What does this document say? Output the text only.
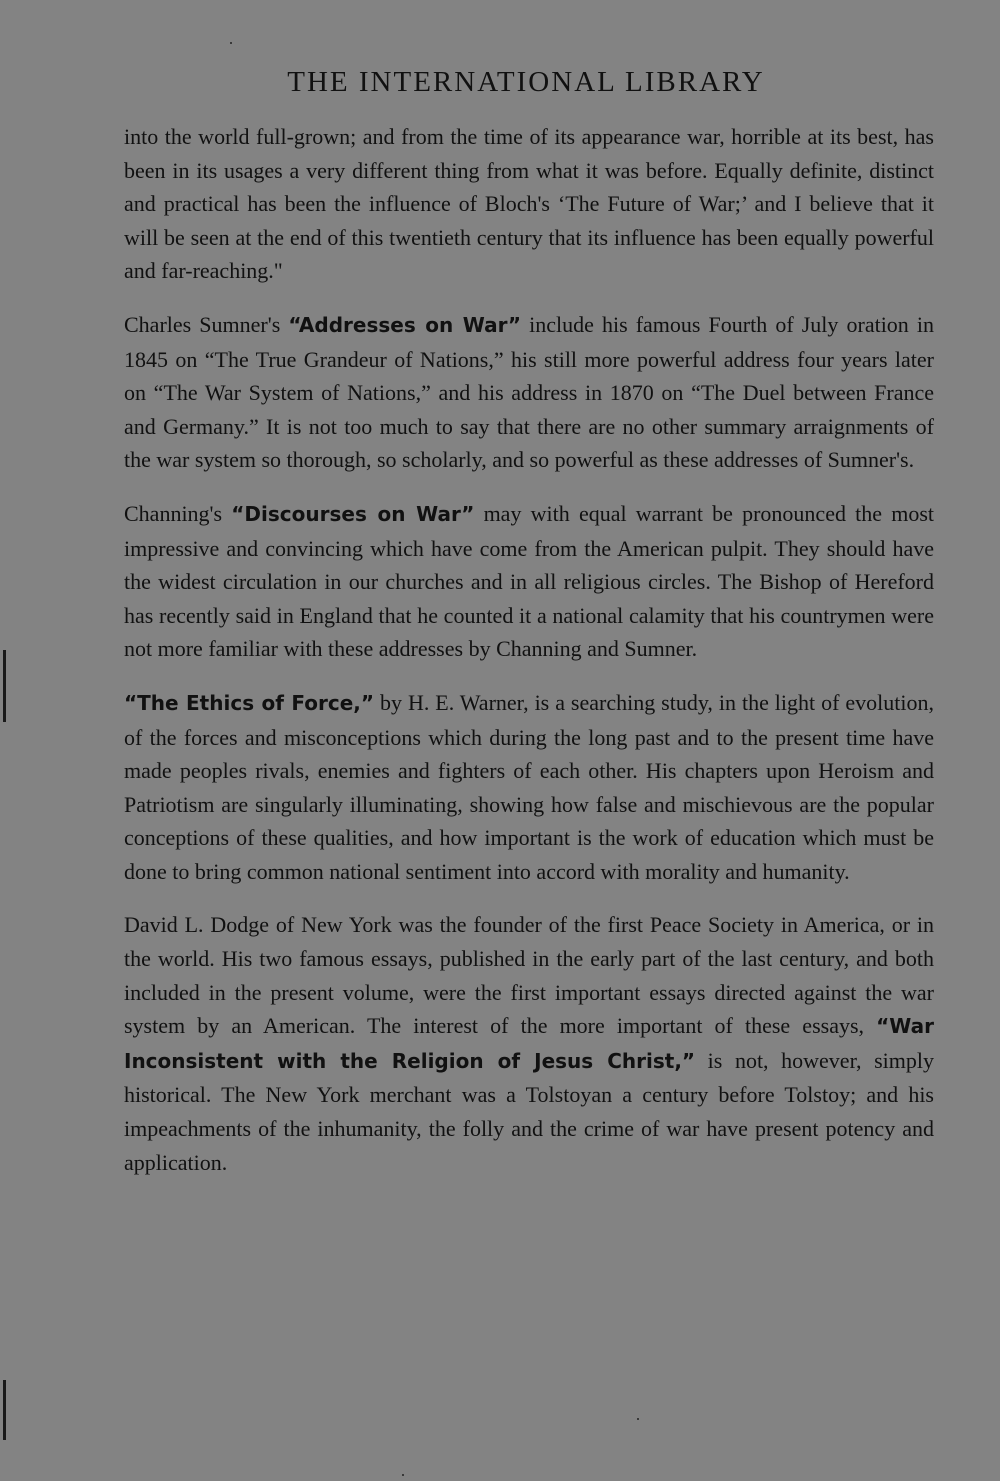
THE INTERNATIONAL LIBRARY

into the world full-grown; and from the time of its appearance war, horrible at its best, has been in its usages a very different thing from what it was before. Equally definite, distinct and practical has been the influence of Bloch's ‘The Future of War;’ and I believe that it will be seen at the end of this twentieth century that its influence has been equally powerful and far-reaching."

Charles Sumner's “Addresses on War” include his famous Fourth of July oration in 1845 on “The True Grandeur of Nations,” his still more powerful address four years later on “The War System of Nations,” and his address in 1870 on “The Duel between France and Germany.” It is not too much to say that there are no other summary arraignments of the war system so thorough, so scholarly, and so powerful as these addresses of Sumner's.

Channing's “Discourses on War” may with equal warrant be pronounced the most impressive and convincing which have come from the American pulpit. They should have the widest circulation in our churches and in all religious circles. The Bishop of Hereford has recently said in England that he counted it a national calamity that his countrymen were not more familiar with these addresses by Channing and Sumner.

“The Ethics of Force,” by H. E. Warner, is a searching study, in the light of evolution, of the forces and misconceptions which during the long past and to the present time have made peoples rivals, enemies and fighters of each other. His chapters upon Heroism and Patriotism are singularly illuminating, showing how false and mischievous are the popular conceptions of these qualities, and how important is the work of education which must be done to bring common national sentiment into accord with morality and humanity.

David L. Dodge of New York was the founder of the first Peace Society in America, or in the world. His two famous essays, published in the early part of the last century, and both included in the present volume, were the first important essays directed against the war system by an American. The interest of the more important of these essays, “War Inconsistent with the Religion of Jesus Christ,” is not, however, simply historical. The New York merchant was a Tolstoyan a century before Tolstoy; and his impeachments of the inhumanity, the folly and the crime of war have present potency and application.
